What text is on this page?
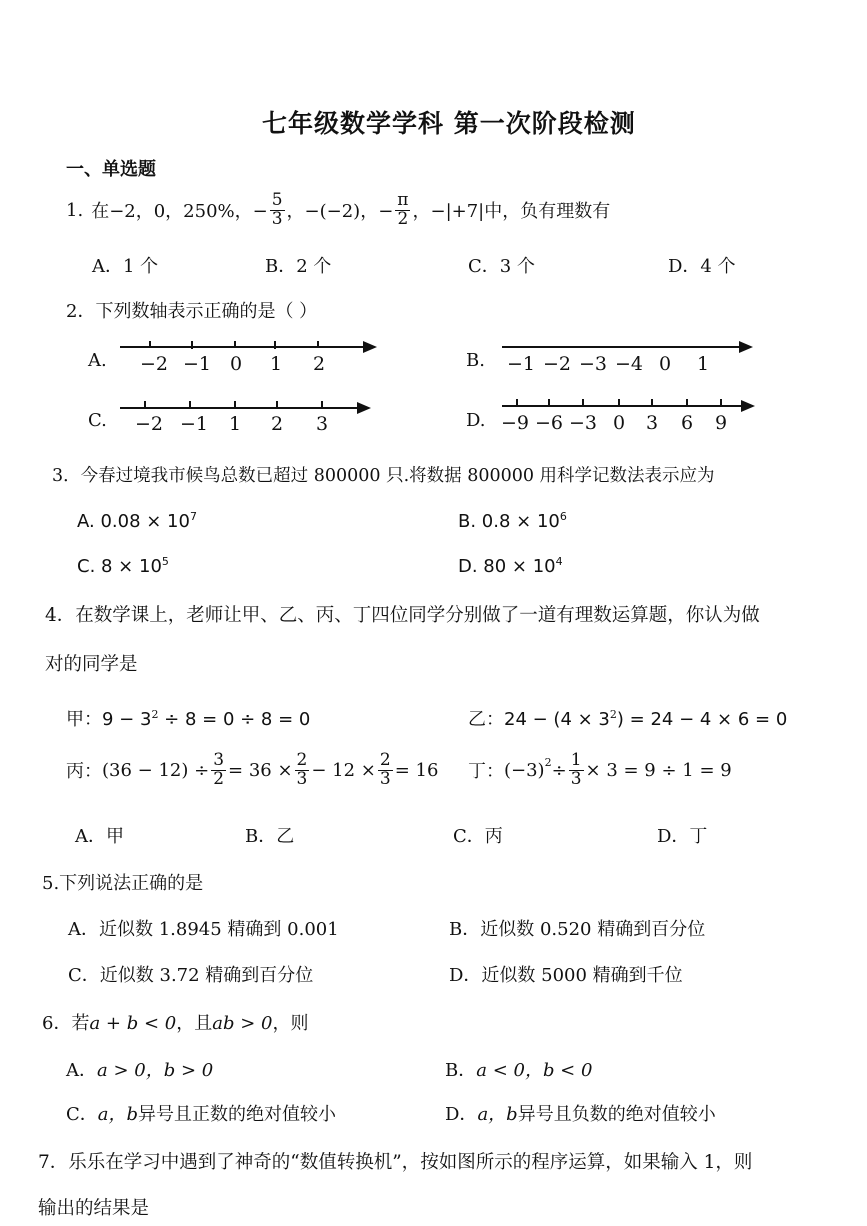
七年级数学学科 第一次阶段检测
一、单选题
1. 在 −2，0，250%，− $\frac{5}{3}$ ，−(−2)，− $\frac{\pi}{2}$ ，−|+7|中，负有理数有
A．1 个	B．2 个	C．3 个	D．4 个
2．下列数轴表示正确的是（ ）
A. −2 −1 0 1 2	B. −1 −2 −3 −4 0 1
C. −2 −1 1 2 3	D. −9 −6 −3 0 3 6 9
3．今春过境我市候鸟总数已超过 800000 只.将数据 800000 用科学记数法表示应为
A. $0.08 \times 10^7$	B. $0.8 \times 10^6$
C. $8 \times 10^5$	D. $80 \times 10^4$
4．在数学课上，老师让甲、乙、丙、丁四位同学分别做了一道有理数运算题，你认为做
对的同学是
甲：$9 - 3^2 \div 8 = 0 \div 8 = 0$	乙：$24 - (4 \times 3^2) = 24 - 4 \times 6 = 0$
丙： $(36 - 12) \div \frac{3}{2} = 36 \times \frac{2}{3} - 12 \times \frac{2}{3} = 16$ 丁： $(-3)^2 \div \frac{1}{3} \times 3 = 9 \div 1 = 9$
A．甲	B．乙	C．丙	D．丁
5.下列说法正确的是
A．近似数 1.8945 精确到 0.001	B．近似数 0.520 精确到百分位
C．近似数 3.72 精确到百分位	D．近似数 5000 精确到千位
6．若a + b < 0，且ab > 0，则
A．a > 0，b > 0	B．a < 0，b < 0
C．a，b异号且正数的绝对值较小	D．a，b异号且负数的绝对值较小
7．乐乐在学习中遇到了神奇的“数值转换机”，按如图所示的程序运算，如果输入 1，则
输出的结果是
